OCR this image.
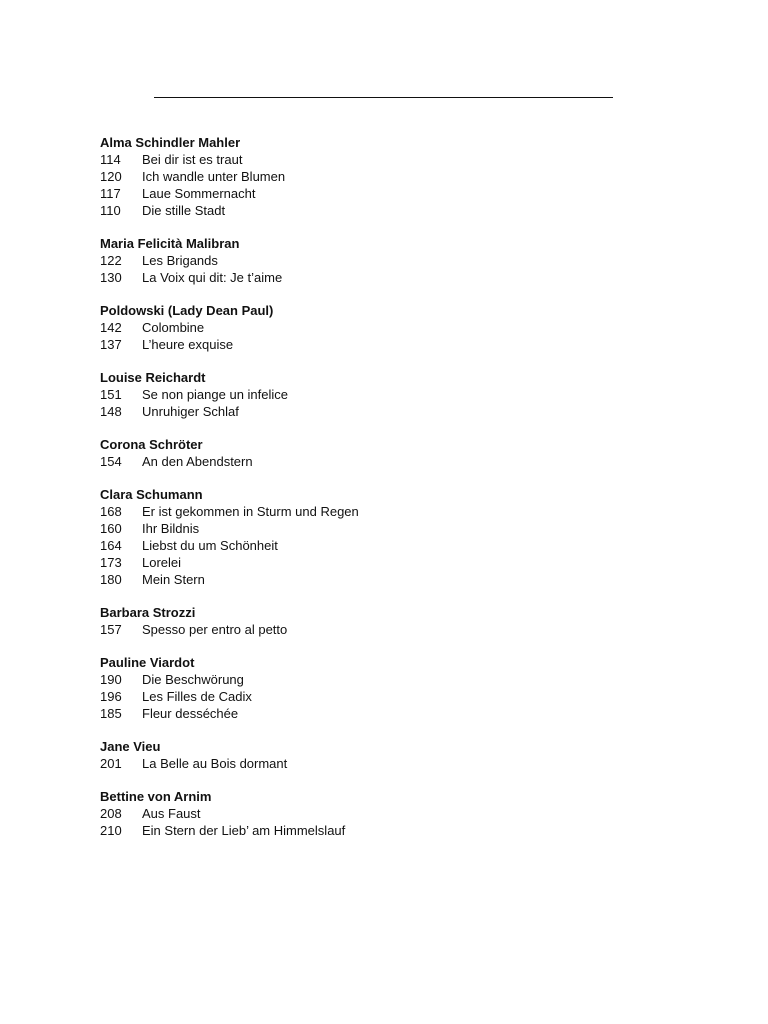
Alma Schindler Mahler
114 Bei dir ist es traut
120 Ich wandle unter Blumen
117 Laue Sommernacht
110 Die stille Stadt
Maria Felicità Malibran
122 Les Brigands
130 La Voix qui dit: Je t’aime
Poldowski (Lady Dean Paul)
142 Colombine
137 L’heure exquise
Louise Reichardt
151 Se non piange un infelice
148 Unruhiger Schlaf
Corona Schröter
154 An den Abendstern
Clara Schumann
168 Er ist gekommen in Sturm und Regen
160 Ihr Bildnis
164 Liebst du um Schönheit
173 Lorelei
180 Mein Stern
Barbara Strozzi
157 Spesso per entro al petto
Pauline Viardot
190 Die Beschwörung
196 Les Filles de Cadix
185 Fleur desséchée
Jane Vieu
201 La Belle au Bois dormant
Bettine von Arnim
208 Aus Faust
210 Ein Stern der Lieb’ am Himmelslauf
